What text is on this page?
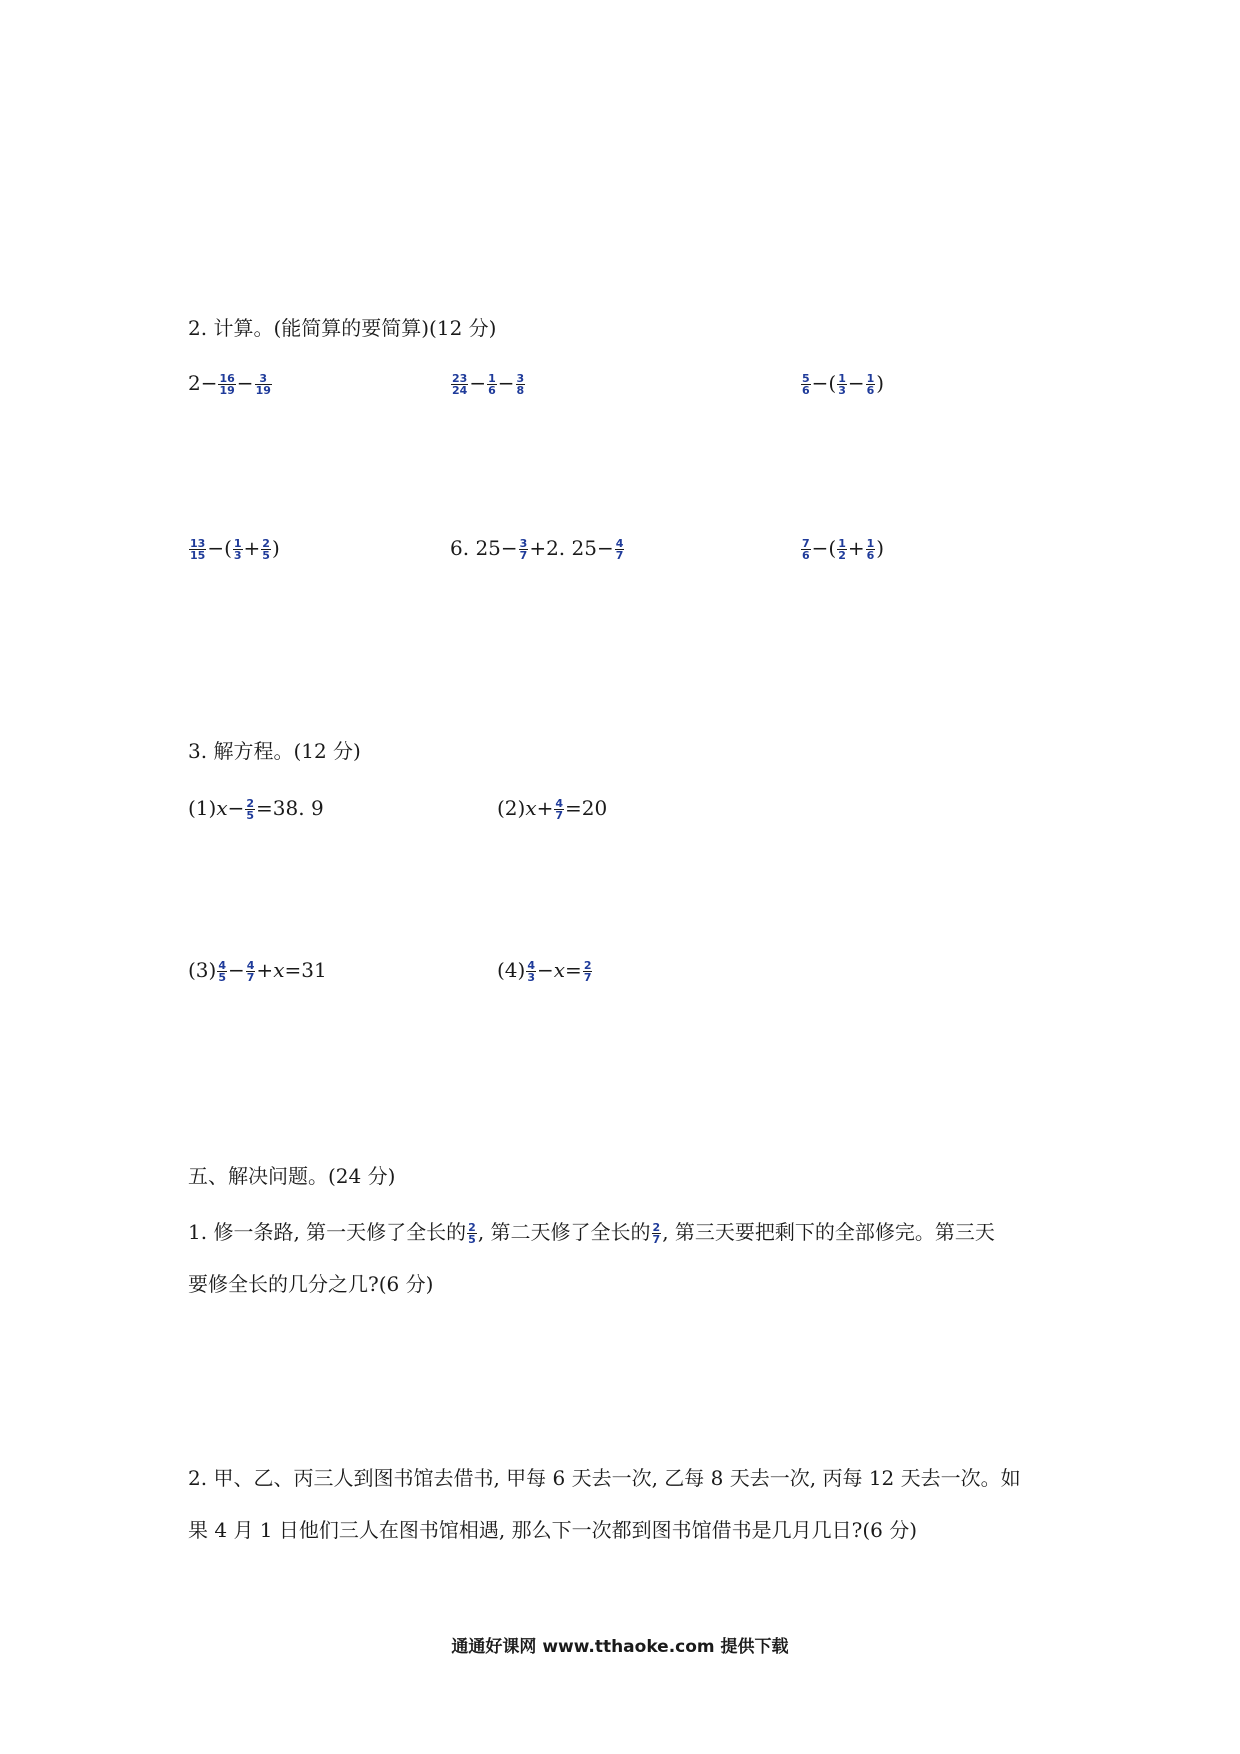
2. 计算。(能简算的要简算)(12 分)
$2- \frac{16}{19} - \frac{3}{19}$	$\frac{23}{24} - \frac{1}{6} - \frac{3}{8}$	$\frac{5}{6}$ −( $\frac{1}{3} - \frac{1}{6}$ )
$\frac{13}{15}$ −( $\frac{1}{3} + \frac{2}{5}$ )	6. $25- \frac{3}{7} +2$. $25- \frac{4}{7}$	$\frac{7}{6}$ −( $\frac{1}{2} + \frac{1}{6}$ )
3. 解方程。(12 分)
$(1)x- \frac{2}{5} =38$. 9	$(2)x+ \frac{4}{7} =20$
$(3) \frac{4}{5} - \frac{4}{7} +x=31$	$(4) \frac{4}{3} -x= \frac{2}{7}$
五、解决问题。(24 分)
1. 修一条路, 第一天修了全长的 $\frac{2}{5}$ , 第二天修了全长的 $\frac{2}{7}$ , 第三天要把剩下的全部修完。第三天
要修全长的几分之几?(6 分)
2. 甲、乙、丙三人到图书馆去借书, 甲每 6 天去一次, 乙每 8 天去一次, 丙每 12 天去一次。如
果 4 月 1 日他们三人在图书馆相遇, 那么下一次都到图书馆借书是几月几日?(6 分)
通通好课网 www.tthaoke.com 提供下载
